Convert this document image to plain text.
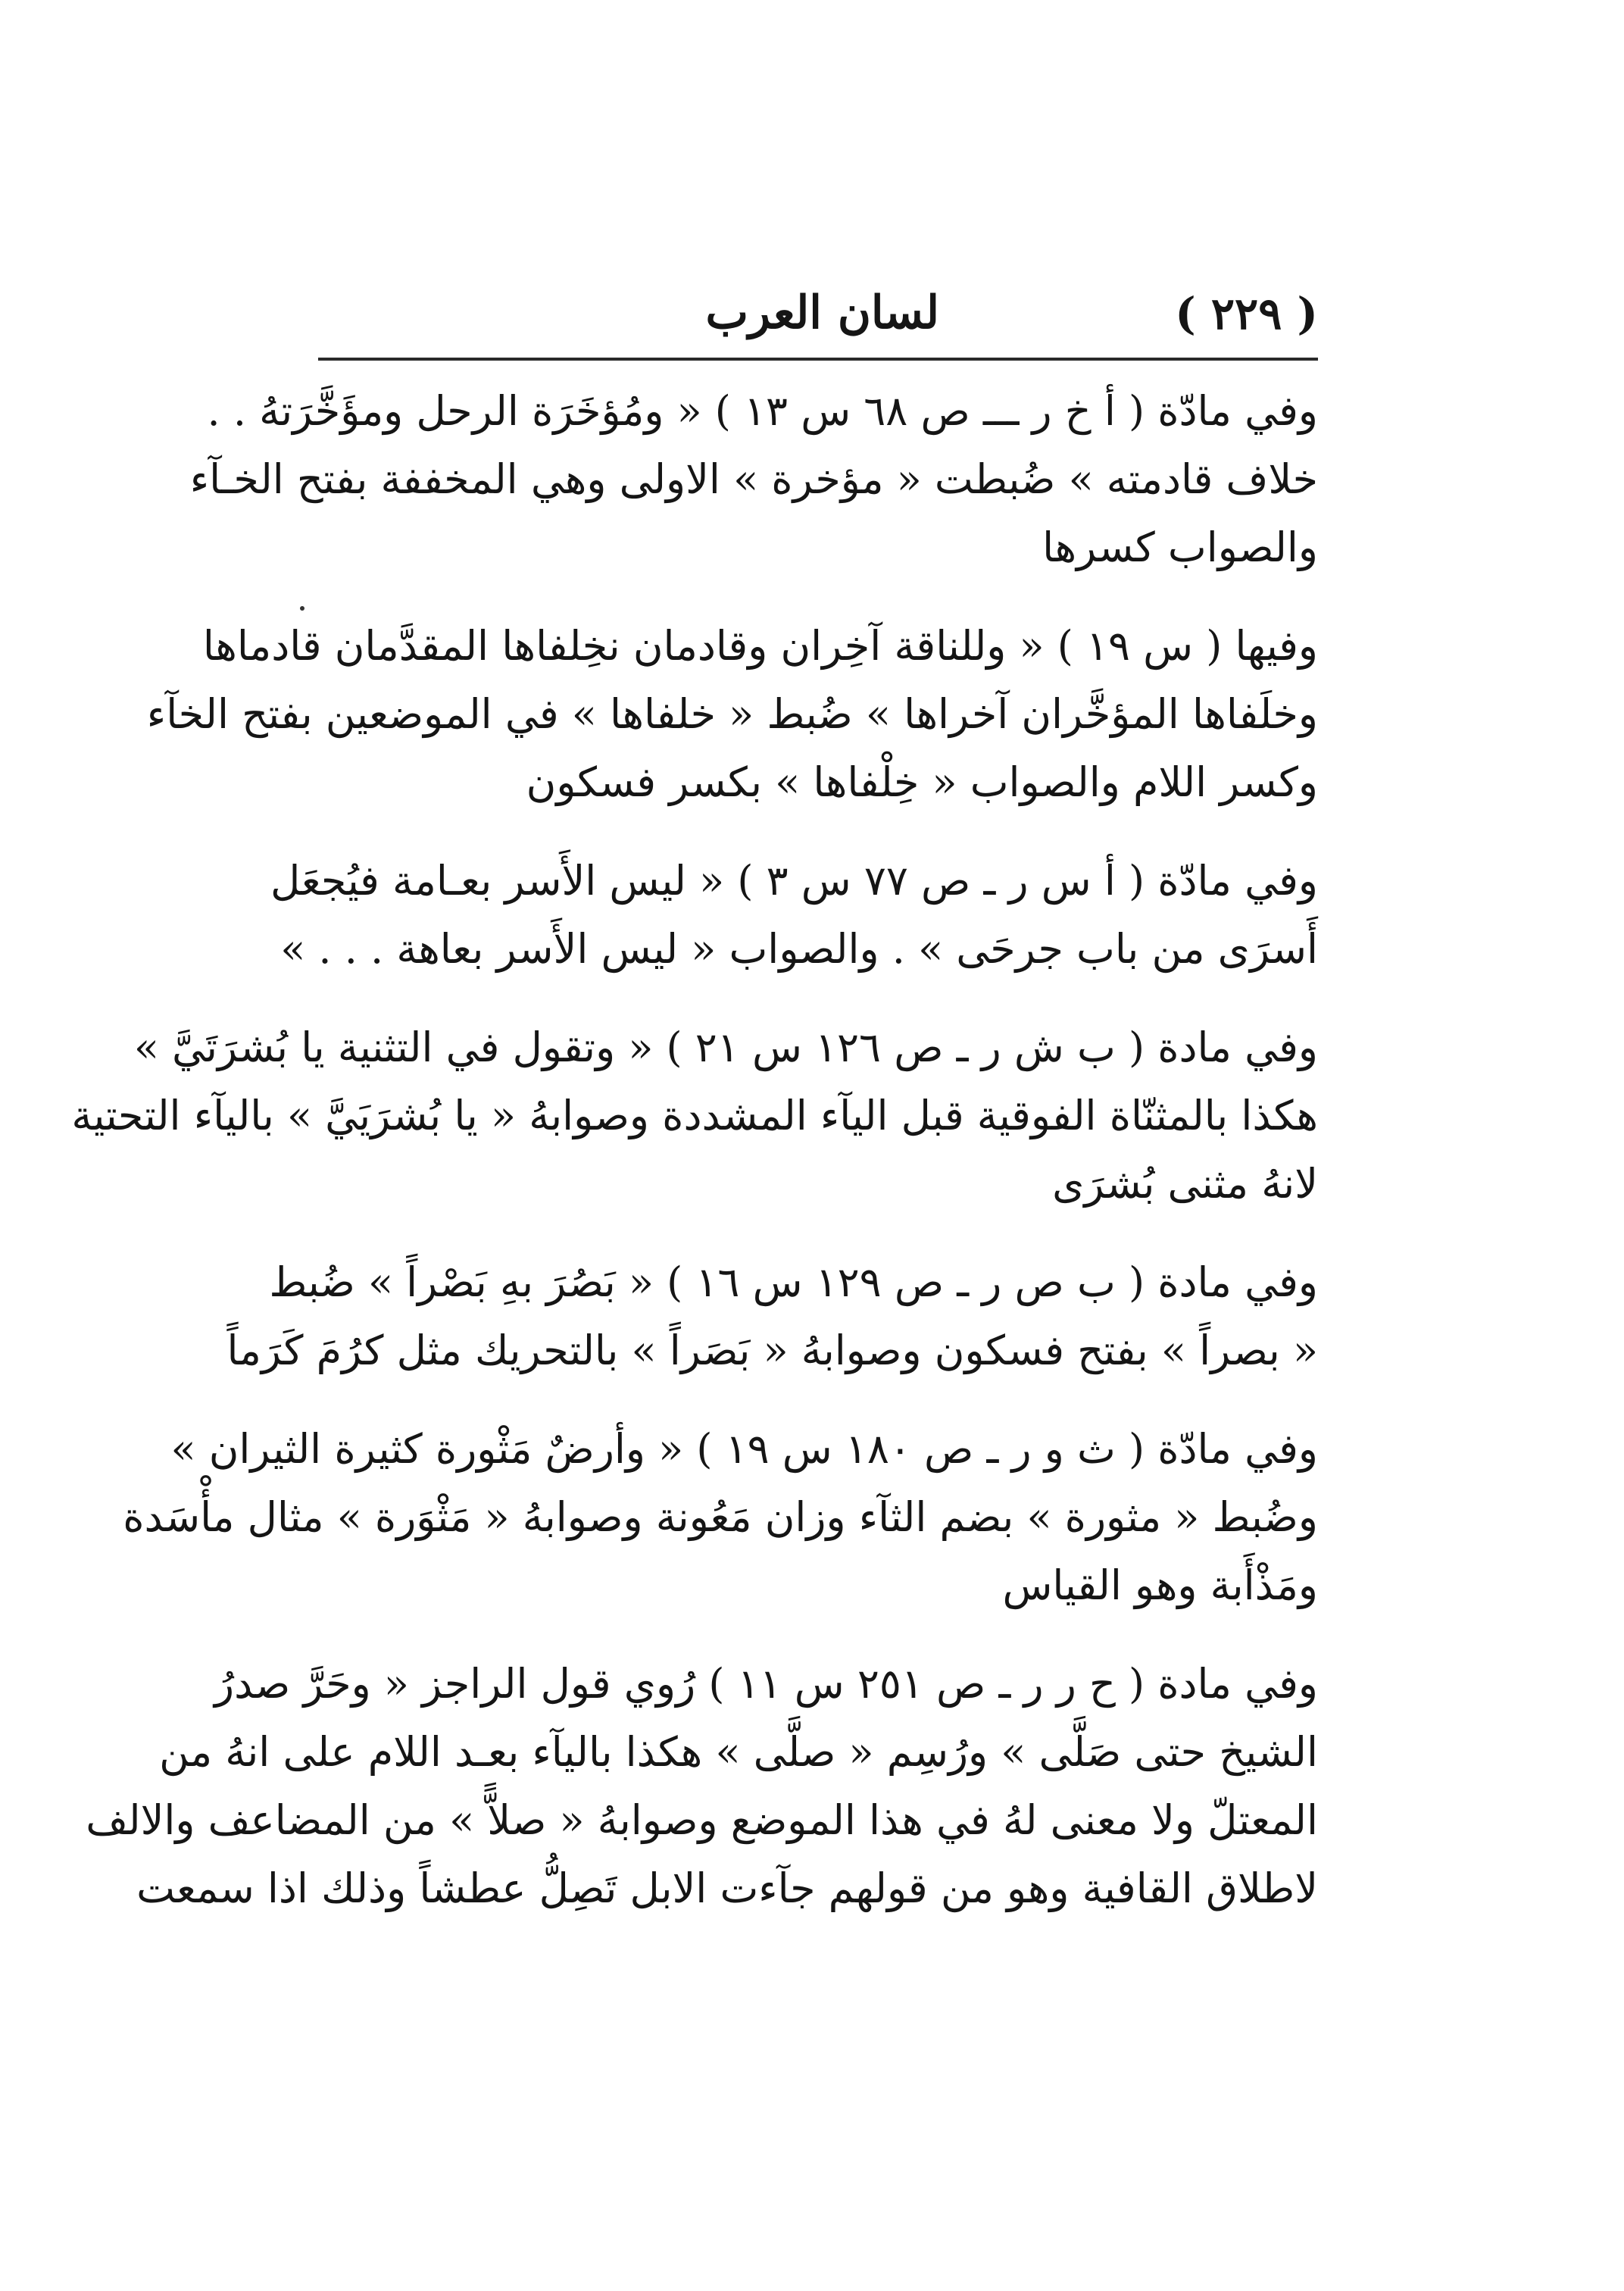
( ٢٢٩ )
لسان العرب
وفي مادّة ( أ خ ر ـــ ص ٦٨ س ١٣ ) « ومُؤخَرَة الرحل ومؤَخَّرَتهُ . .
خلاف قادمته » ضُبطت « مؤخرة » الاولى وهي المخففة بفتح الخـآء
والصواب كسرها
وفيها ( س ١٩ ) « وللناقة آخِران وقادمان نخِلفاها المقدَّمان قادماها
وخلَفاها المؤخَّران آخراها » ضُبط « خلفاها » في الموضعين بفتح الخآء
وكسر اللام والصواب « خِلْفاها » بكسر فسكون
وفي مادّة ( أ س ر ـ ص ٧٧ س ٣ ) « ليس الأَسر بعـامة فيُجعَل
أَسرَى من باب جرحَى » . والصواب « ليس الأَسر بعاهة . . . »
وفي مادة ( ب ش ر ـ ص ١٢٦ س ٢١ ) « وتقول في التثنية يا بُشرَتَيَّ »
هكذا بالمثنّاة الفوقية قبل اليآء المشددة وصوابهُ « يا بُشرَيَيَّ » باليآء التحتية
لانهُ مثنى بُشرَى
وفي مادة ( ب ص ر ـ ص ١٢٩ س ١٦ ) « بَصُرَ بهِ بَصْراً » ضُبط
« بصراً » بفتح فسكون وصوابهُ « بَصَراً » بالتحريك مثل كرُمَ كَرَماً
وفي مادّة ( ث و ر ـ ص ١٨٠ س ١٩ ) « وأرضٌ مَثْورة كثيرة الثيران »
وضُبط « مثورة » بضم الثآء وزان مَعُونة وصوابهُ « مَثْوَرة » مثال مأْسَدة
ومَذْأَبة وهو القياس
وفي مادة ( ح ر ر ـ ص ٢٥١ س ١١ ) رُوي قول الراجز « وحَرَّ صدرُ
الشيخ حتى صَلَّى » ورُسِم « صلَّى » هكذا باليآء بعـد اللام على انهُ من
المعتلّ ولا معنى لهُ في هذا الموضع وصوابهُ « صلاًّ » من المضاعف والالف
لاطلاق القافية وهو من قولهم جآءت الابل تَصِلُّ عطشاً وذلك اذا سمعت
